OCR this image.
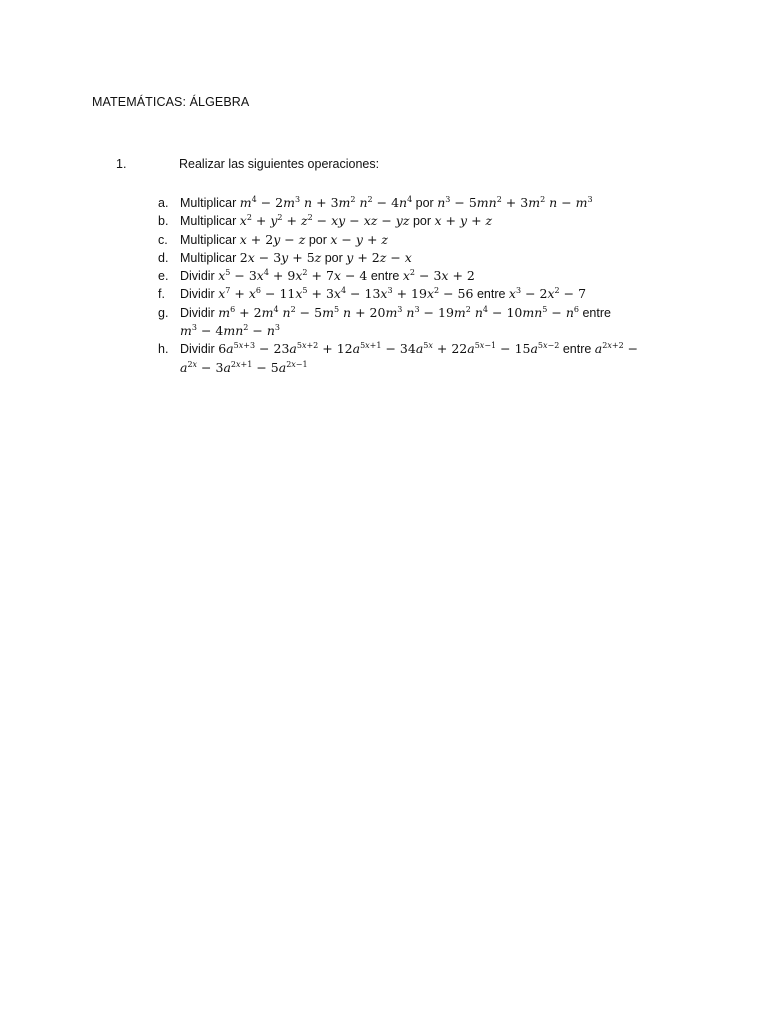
MATEMÁTICAS: ÁLGEBRA
1.	Realizar las siguientes operaciones:
a. Multiplicar $m^4 - 2m^3$ $n + 3m^2$ $n^2 - 4n^4$ por $n^3 - 5mn^2 + 3m^2$ $n - m^3$
b. Multiplicar $x^2 + y^2 + z^2$ − xy − xz − yz por x + y + z
c. Multiplicar x + 2y − z por x − y + z
d. Multiplicar 2x − 3y + 5z por y + 2z − x
e. Dividir $x^5 - 3x^4 + 9x^2 + 7x - 4$ entre $x^2 - 3x + 2$
f.	Dividir $x^7 + x^6 - 11x^5 + 3x^4 - 13x^3 + 19x^2 - 56$ entre $x^3 - 2x^2 - 7$
g. Dividir $m^6 + 2m^4$ $n^2 - 5m^5$ $n + 20m^3$ $n^3 - 19m^2$ $n^4 - 10mn^5 - n^6$ entre
$m^3 - 4mn^2 - n^3$
h. Dividir $6a^{5x+3} - 23a^{5x+2} + 12a^{5x+1} - 34a^{5x} + 22a^{5x-1} - 15a^{5x-2}$ entre $a^{2x+2}$ −
$a^{2x} - 3a^{2x+1} - 5a^{2x-1}$
